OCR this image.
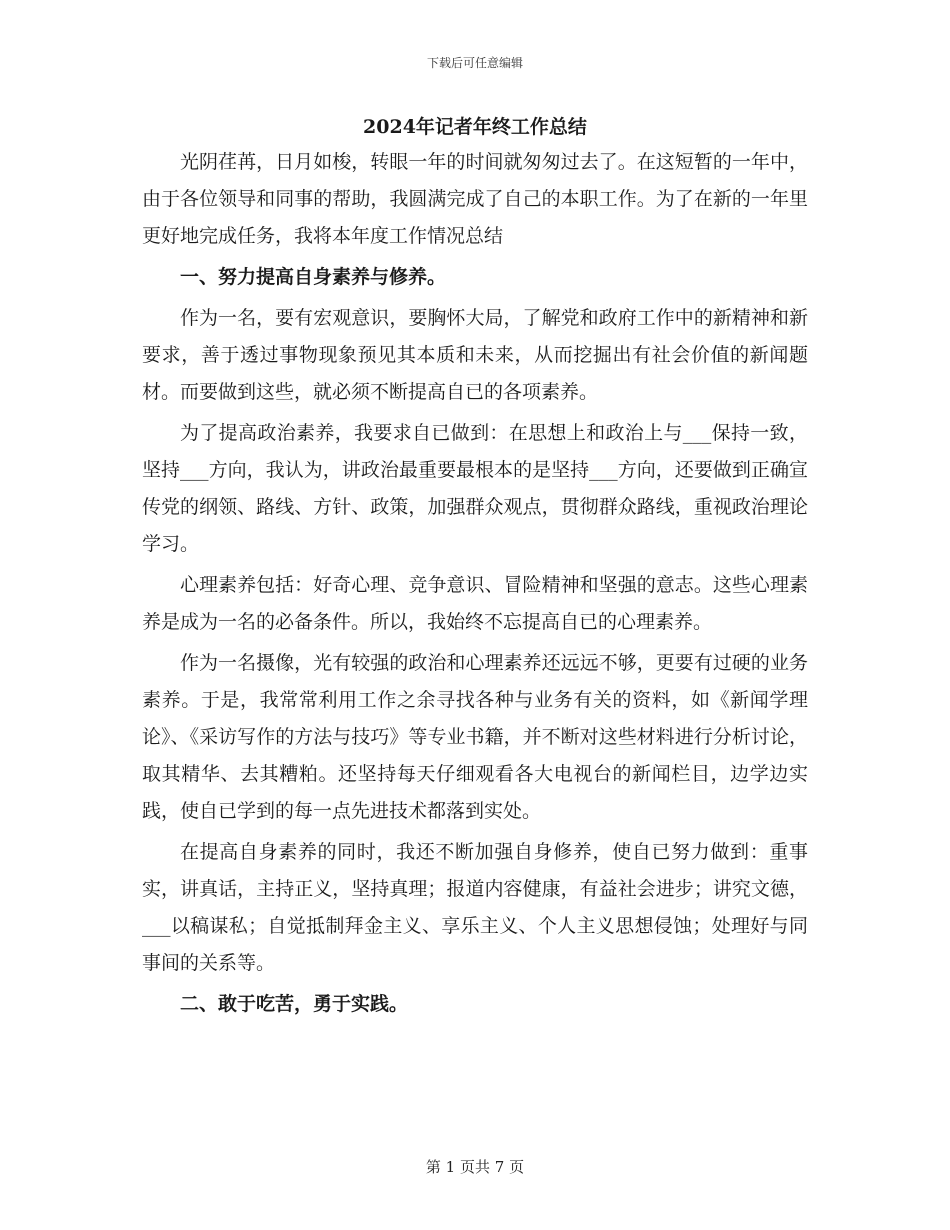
下载后可任意编辑
2024年记者年终工作总结

光阴荏苒，日月如梭，转眼一年的时间就匆匆过去了。在这短暂的一年中，由于各位领导和同事的帮助，我圆满完成了自己的本职工作。为了在新的一年里更好地完成任务，我将本年度工作情况总结

一、努力提高自身素养与修养。

作为一名，要有宏观意识，要胸怀大局，了解党和政府工作中的新精神和新要求，善于透过事物现象预见其本质和未来，从而挖掘出有社会价值的新闻题材。而要做到这些，就必须不断提高自已的各项素养。

为了提高政治素养，我要求自已做到：在思想上和政治上与___保持一致，坚持___方向，我认为，讲政治最重要最根本的是坚持___方向，还要做到正确宣传党的纲领、路线、方针、政策，加强群众观点，贯彻群众路线，重视政治理论学习。

心理素养包括：好奇心理、竞争意识、冒险精神和坚强的意志。这些心理素养是成为一名的必备条件。所以，我始终不忘提高自已的心理素养。

作为一名摄像，光有较强的政治和心理素养还远远不够，更要有过硬的业务素养。于是，我常常利用工作之余寻找各种与业务有关的资料，如《新闻学理论》、《采访写作的方法与技巧》等专业书籍，并不断对这些材料进行分析讨论，取其精华、去其糟粕。还坚持每天仔细观看各大电视台的新闻栏目，边学边实践，使自已学到的每一点先进技术都落到实处。

在提高自身素养的同时，我还不断加强自身修养，使自已努力做到：重事实，讲真话，主持正义，坚持真理；报道内容健康，有益社会进步；讲究文德，___以稿谋私；自觉抵制拜金主义、享乐主义、个人主义思想侵蚀；处理好与同事间的关系等。

二、敢于吃苦，勇于实践。

第 1 页共 7 页
